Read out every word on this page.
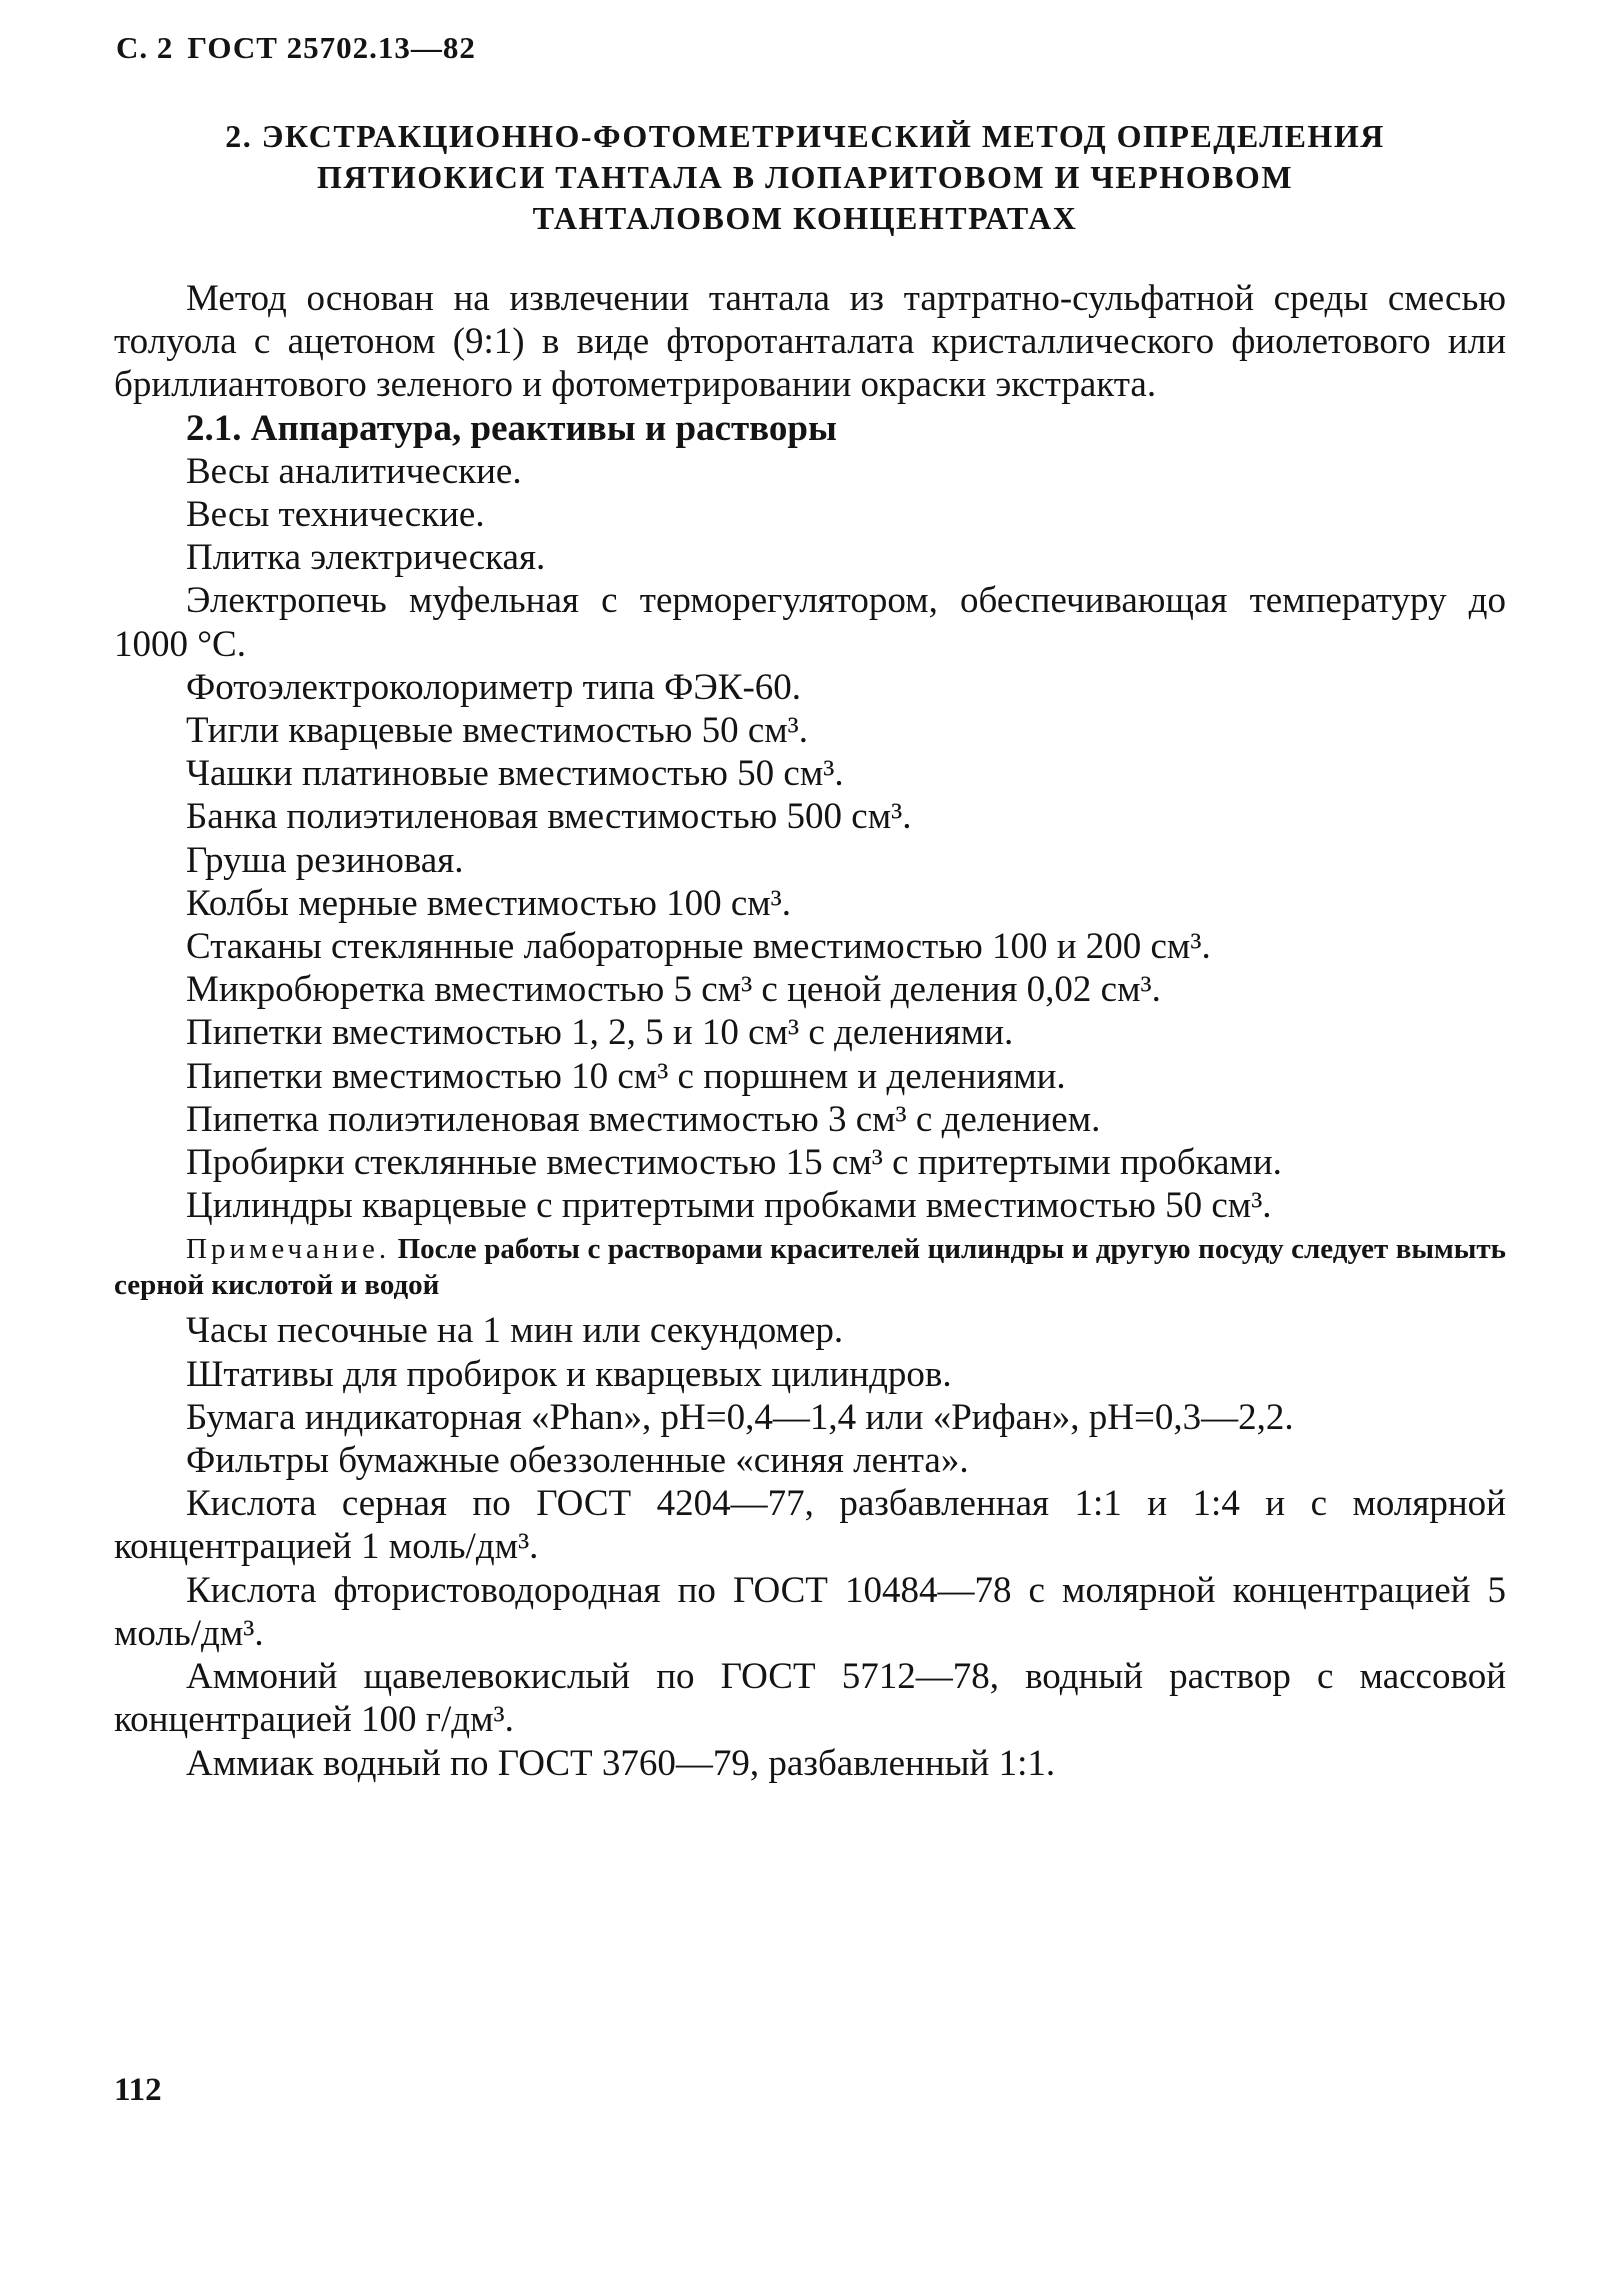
С. 2 ГОСТ 25702.13—82
2. ЭКСТРАКЦИОННО-ФОТОМЕТРИЧЕСКИЙ МЕТОД ОПРЕДЕЛЕНИЯ
ПЯТИОКИСИ ТАНТАЛА В ЛОПАРИТОВОМ И ЧЕРНОВОМ
ТАНТАЛОВОМ КОНЦЕНТРАТАХ

Метод основан на извлечении тантала из тартратно-сульфатной среды смесью толуола с ацетоном (9:1) в виде фторотанталата кристаллического фиолетового или бриллиантового зеленого и фотометрировании окраски экстракта.

2.1. Аппаратура, реактивы и растворы

Весы аналитические.

Весы технические.

Плитка электрическая.

Электропечь муфельная с терморегулятором, обеспечивающая температуру до 1000 °С.

Фотоэлектроколориметр типа ФЭК-60.

Тигли кварцевые вместимостью 50 см³.

Чашки платиновые вместимостью 50 см³.

Банка полиэтиленовая вместимостью 500 см³.

Груша резиновая.

Колбы мерные вместимостью 100 см³.

Стаканы стеклянные лабораторные вместимостью 100 и 200 см³.

Микробюретка вместимостью 5 см³ с ценой деления 0,02 см³.

Пипетки вместимостью 1, 2, 5 и 10 см³ с делениями.

Пипетки вместимостью 10 см³ с поршнем и делениями.

Пипетка полиэтиленовая вместимостью 3 см³ с делением.

Пробирки стеклянные вместимостью 15 см³ с притертыми пробками.

Цилиндры кварцевые с притертыми пробками вместимостью 50 см³.

Примечание. После работы с растворами красителей цилиндры и другую посуду следует вымыть серной кислотой и водой

Часы песочные на 1 мин или секундомер.

Штативы для пробирок и кварцевых цилиндров.

Бумага индикаторная «Phan», рН=0,4—1,4 или «Рифан», рН=0,3—2,2.

Фильтры бумажные обеззоленные «синяя лента».

Кислота серная по ГОСТ 4204—77, разбавленная 1:1 и 1:4 и с молярной концентрацией 1 моль/дм³.

Кислота фтористоводородная по ГОСТ 10484—78 с молярной концентрацией 5 моль/дм³.

Аммоний щавелевокислый по ГОСТ 5712—78, водный раствор с массовой концентрацией 100 г/дм³.

Аммиак водный по ГОСТ 3760—79, разбавленный 1:1.

112
